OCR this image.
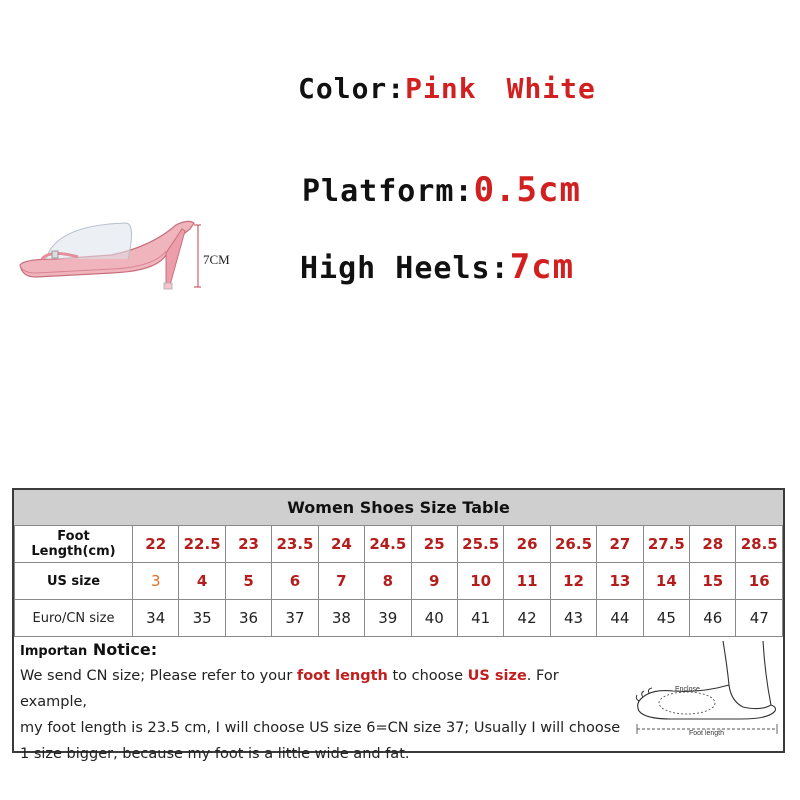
Color:Pink White
Platform:0.5cm
High Heels:7cm
7CM
Women Shoes Size Table
Foot Length(cm)	22	22.5	23	23.5	24	24.5	25	25.5	26	26.5	27	27.5	28	28.5
US size	3	4	5	6	7	8	9	10	11	12	13	14	15	16
Euro/CN size	34	35	36	37	38	39	40	41	42	43	44	45	46	47
Importan Notice:
We send CN size; Please refer to your foot length to choose US size. For example,
my foot length is 23.5 cm, I will choose US size 6=CN size 37; Usually I will choose
1 size bigger, because my foot is a little wide and fat.
Enclose
Foot length
